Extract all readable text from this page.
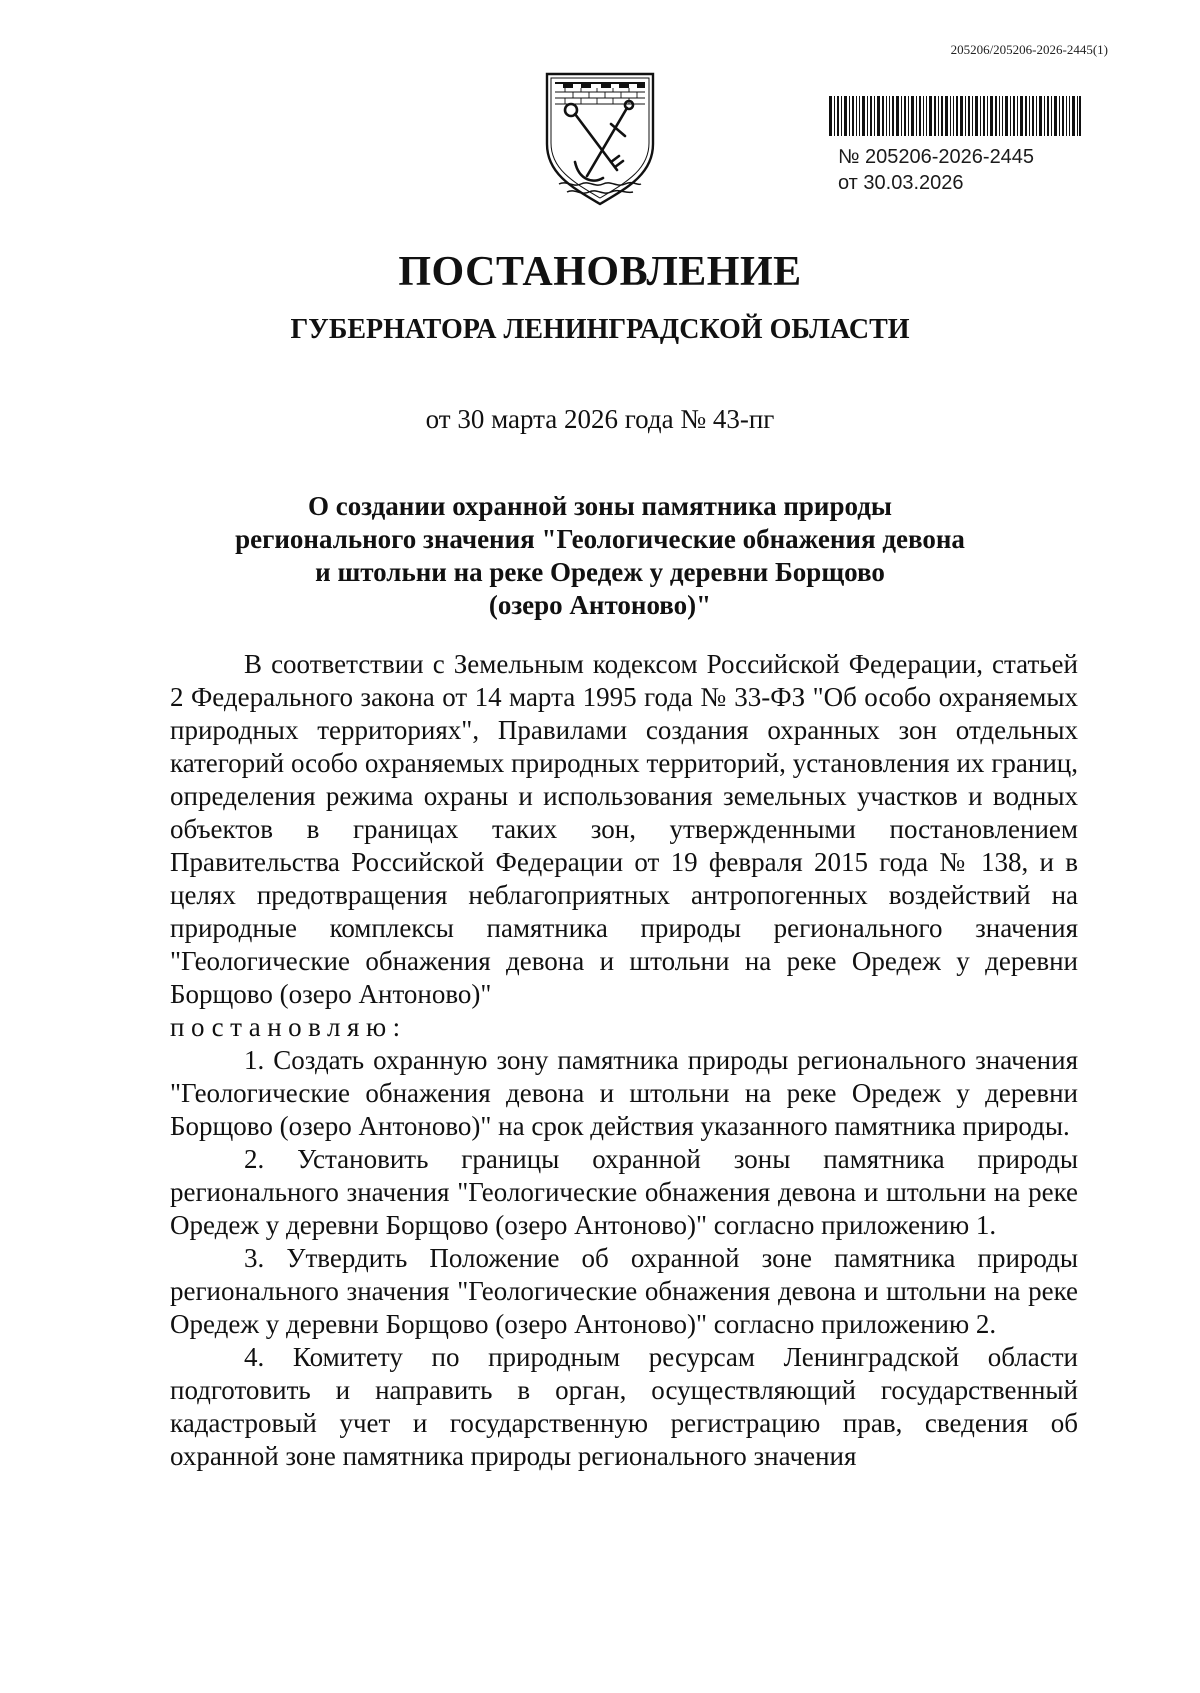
205206/205206-2026-2445(1)
№ 205206-2026-2445
от 30.03.2026
ПОСТАНОВЛЕНИЕ
ГУБЕРНАТОРА ЛЕНИНГРАДСКОЙ ОБЛАСТИ
от 30 марта 2026 года № 43-пг
О создании охранной зоны памятника природы
регионального значения "Геологические обнажения девона
и штольни на реке Оредеж у деревни Борщово
(озеро Антоново)"

В соответствии с Земельным кодексом Российской Федерации, статьей 2 Федерального закона от 14 марта 1995 года № 33-ФЗ "Об особо охраняемых природных территориях", Правилами создания охранных зон отдельных категорий особо охраняемых природных территорий, установления их границ, определения режима охраны и использования земельных участков и водных объектов в границах таких зон, утвержденными постановлением Правительства Российской Федерации от 19 февраля 2015 года № 138, и в целях предотвращения неблагоприятных антропогенных воздействий на природные комплексы памятника природы регионального значения "Геологические обнажения девона и штольни на реке Оредеж у деревни Борщово (озеро Антоново)"

постановляю:

1. Создать охранную зону памятника природы регионального значения "Геологические обнажения девона и штольни на реке Оредеж у деревни Борщово (озеро Антоново)" на срок действия указанного памятника природы.

2. Установить границы охранной зоны памятника природы регионального значения "Геологические обнажения девона и штольни на реке Оредеж у деревни Борщово (озеро Антоново)" согласно приложению 1.

3. Утвердить Положение об охранной зоне памятника природы регионального значения "Геологические обнажения девона и штольни на реке Оредеж у деревни Борщово (озеро Антоново)" согласно приложению 2.

4. Комитету по природным ресурсам Ленинградской области подготовить и направить в орган, осуществляющий государственный кадастровый учет и государственную регистрацию прав, сведения об охранной зоне памятника природы регионального значения
